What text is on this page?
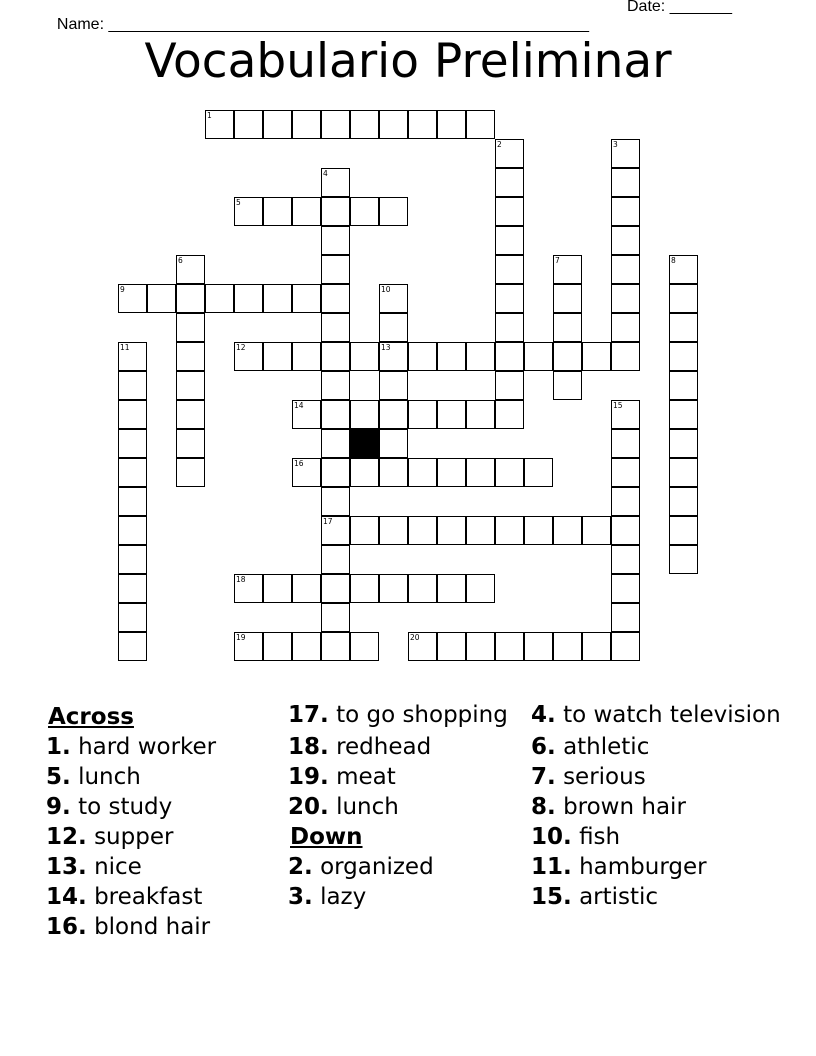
Name: ______________________________________________________

Date: _______

Vocabulario Preliminar
1
5
9
12	13
14
16
17
18
19	20
2	3
4
6	7	8
10
11
15
Across
1. hard worker
5. lunch
9. to study
12. supper
13. nice
14. breakfast
16. blond hair
17. to go shopping
18. redhead
19. meat
20. lunch
Down
2. organized
3. lazy
4. to watch television
6. athletic
7. serious
8. brown hair
10. fish
11. hamburger
15. artistic
